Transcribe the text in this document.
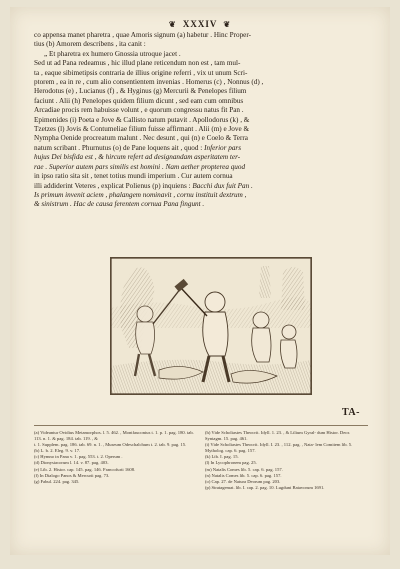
❦ XXXIV ❦

co appensa manet pharetra , quae Amoris signum (a) habetur . Hinc Proper-

tius (b) Amorem describens , ita canit :

„ Et pharetra ex humero Gnossia utroque jacet .

Sed ut ad Pana redeamus , hic illud plane reticendum non est , tam mul-

ta , eaque sibimetipsis contraria de illius origine referri , vix ut unum Scri-

ptorem , ea in re , cum alio consentientem invenias . Homerus (c) , Nonnus (d) ,

Herodotus (e) , Lucianus (f) , & Hyginus (g) Mercurii & Penelopes filium

faciunt . Alii (h) Penelopes quidem filium dicunt , sed eam cum omnibus

Arcadiae procis rem habuisse volunt , e quorum congressu natus fit Pan .

Epimenides (i) Poeta e Jove & Callisto natum putavit . Apollodorus (k) , &

Tzetzes (l) Jovis & Contumeliae filium fuisse affirmant . Alii (m) e Jove &

Nympha Oenide procreatum malunt . Nec desunt , qui (n) e Coelo & Terra

natum scribant . Phurnutus (o) de Pane loquens ait , quod : Inferior pars

hujus Dei bisfida est , & hircum refert ad designandam asperitatem ter-

rae . Superior autem pars similis est homini . Nam aether propterea quod

in ipso ratio sita sit , tenet totius mundi imperium . Cur autem cornua

illi addiderint Veteres , explicat Polienus (p) inquiens : Bacchi dux fuit Pan .

Is primum invenit aciem , phalangem nominavit , cornu instituit dextrum ,

& sinistrum . Hac de causa ferentem cornua Pana fingunt .

TA-

(a) Videantur Ovidius Metamorphos. l. 5. 462. , Montfauconius t. 1. p. 1. pag. 180. tab. 113. n. 1. & pag. 184. tab. 119. , &

t. 1. Supplem. pag. 186. tab. 69. n. 1. , Museum Odeschalchum t. 2. tab. 9. pag. 15.

(b) L. b. 2. Eleg. 9. v. 17.

(c) Hymno in Pana v. 1. pag. 553. t. 2. Operum .

(d) Dionysiacorum l. 14. v. 87. pag. 403.

(e) Lib. 2. Histor. cap. 145. pag. 146. Francofurti 1608.

(f) In Dialogo Panos & Mercurii pag. 73.

(g) Fabul. 224. pag. 345.

(h) Vide Scholiastes Theocrit. Idyll. 1. 23. , & Lilium Gyral- dum Histor. Deor. Syntagm. 15. pag. 461.

(i) Vide Scholiastes Theocrit. Idyll. I. 23. , 112. pag. , Nata- lem Comitem lib. 5. Mytholog. cap. 6. pag. 157.

(k) Lib. I. pag. 15.

(l) In Lycophronem pag. 25.

(m) Natalis Comes lib. 5. cap. 6. pag. 157.

(n) Natalis Comes lib. 5. cap. 6. pag. 157.

(o) Cap. 27. de Natura Deorum pag. 203.

(p) Stratagemat. lib. I. cap. 2. pag. 10. Lugduni Batavorum 1691.
